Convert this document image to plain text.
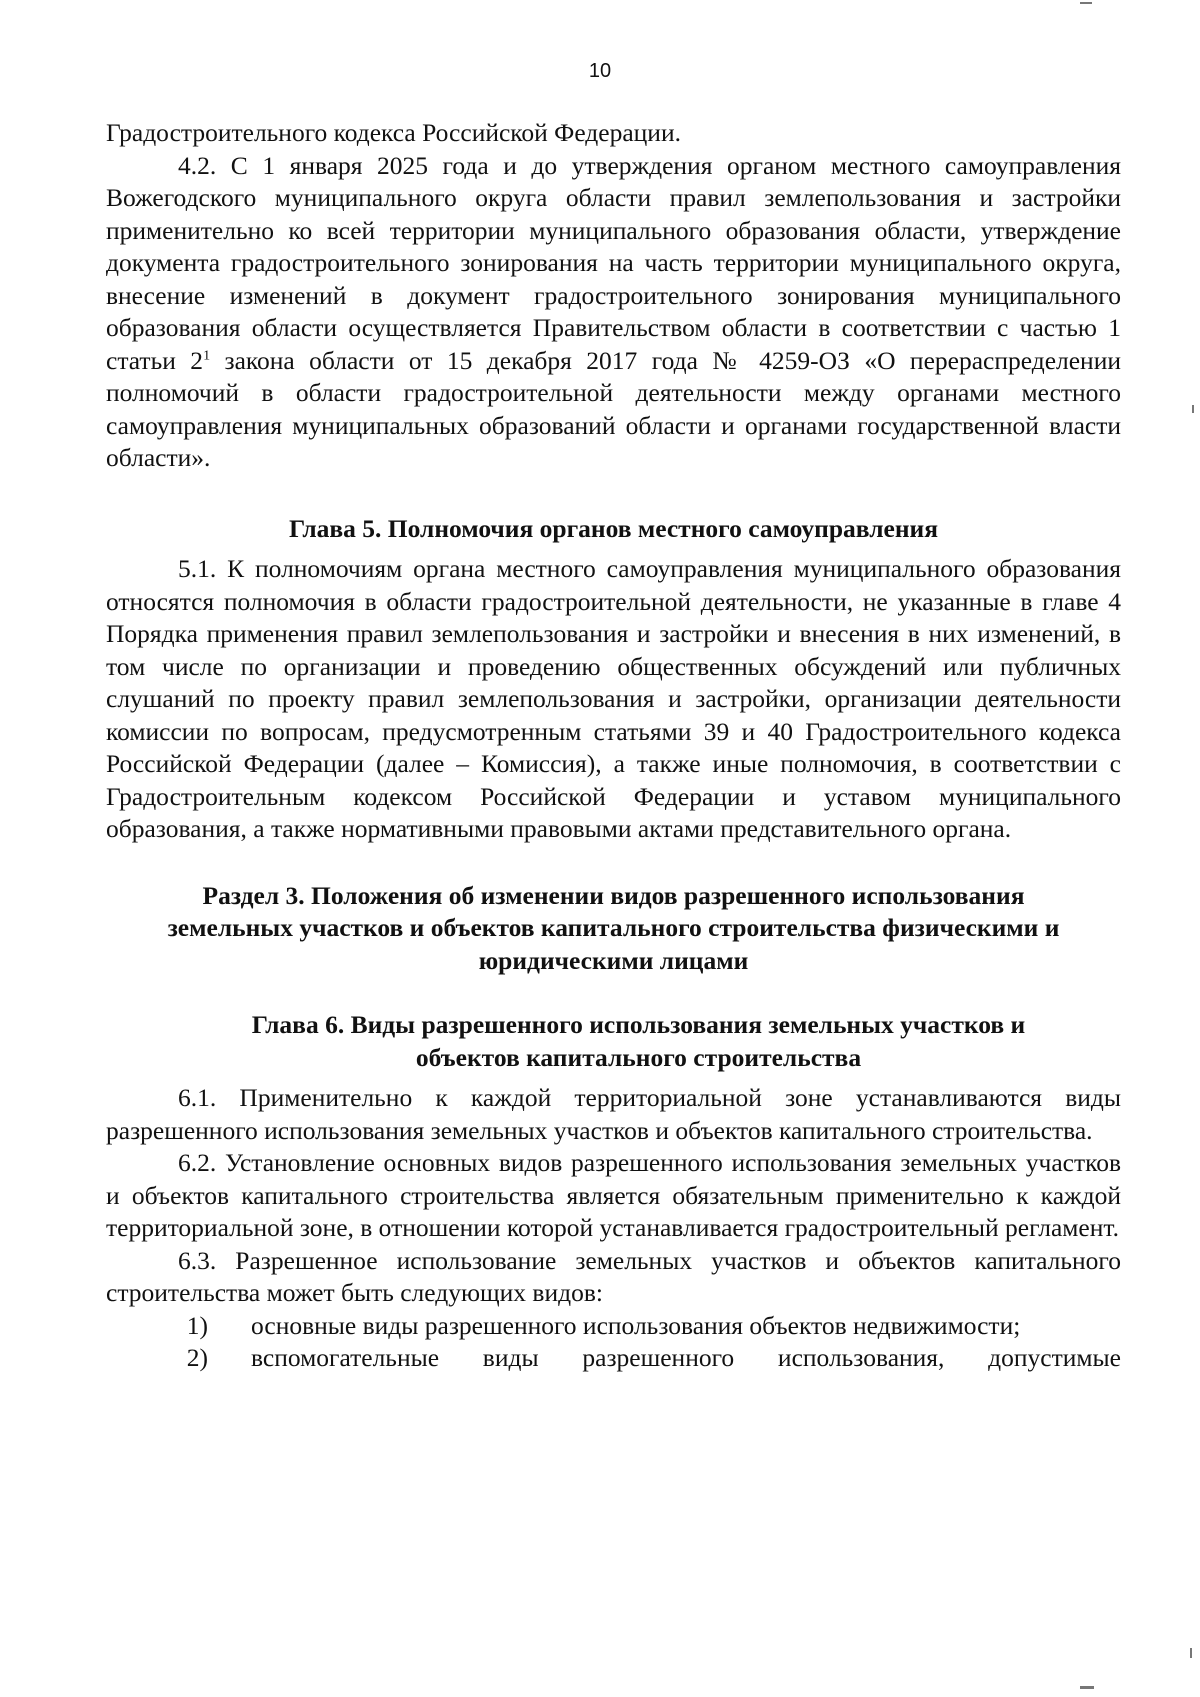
10

Градостроительного кодекса Российской Федерации.

4.2. С 1 января 2025 года и до утверждения органом местного самоуправления Вожегодского муниципального округа области правил землепользования и застройки применительно ко всей территории муниципального образования области, утверждение документа градостроительного зонирования на часть территории муниципального округа, внесение изменений в документ градостроительного зонирования муниципального образования области осуществляется Правительством области в соответствии с частью 1 статьи $2^1$ закона области от 15 декабря 2017 года № 4259-ОЗ «О перераспределении полномочий в области градостроительной деятельности между органами местного самоуправления муниципальных образований области и органами государственной власти области».

Глава 5. Полномочия органов местного самоуправления

5.1. К полномочиям органа местного самоуправления муниципального образования относятся полномочия в области градостроительной деятельности, не указанные в главе 4 Порядка применения правил землепользования и застройки и внесения в них изменений, в том числе по организации и проведению общественных обсуждений или публичных слушаний по проекту правил землепользования и застройки, организации деятельности комиссии по вопросам, предусмотренным статьями 39 и 40 Градостроительного кодекса Российской Федерации (далее – Комиссия), а также иные полномочия, в соответствии с Градостроительным кодексом Российской Федерации и уставом муниципального образования, а также нормативными правовыми актами представительного органа.

Раздел 3. Положения об изменении видов разрешенного использования
земельных участков и объектов капитального строительства физическими и
юридическими лицами
Глава 6. Виды разрешенного использования земельных участков и
объектов капитального строительства

6.1. Применительно к каждой территориальной зоне устанавливаются виды разрешенного использования земельных участков и объектов капитального строительства.

6.2. Установление основных видов разрешенного использования земельных участков и объектов капитального строительства является обязательным применительно к каждой территориальной зоне, в отношении которой устанавливается градостроительный регламент.

6.3. Разрешенное использование земельных участков и объектов капитального строительства может быть следующих видов:

1)	основные виды разрешенного использования объектов недвижимости;
2)	вспомогательные виды разрешенного использования, допустимые
